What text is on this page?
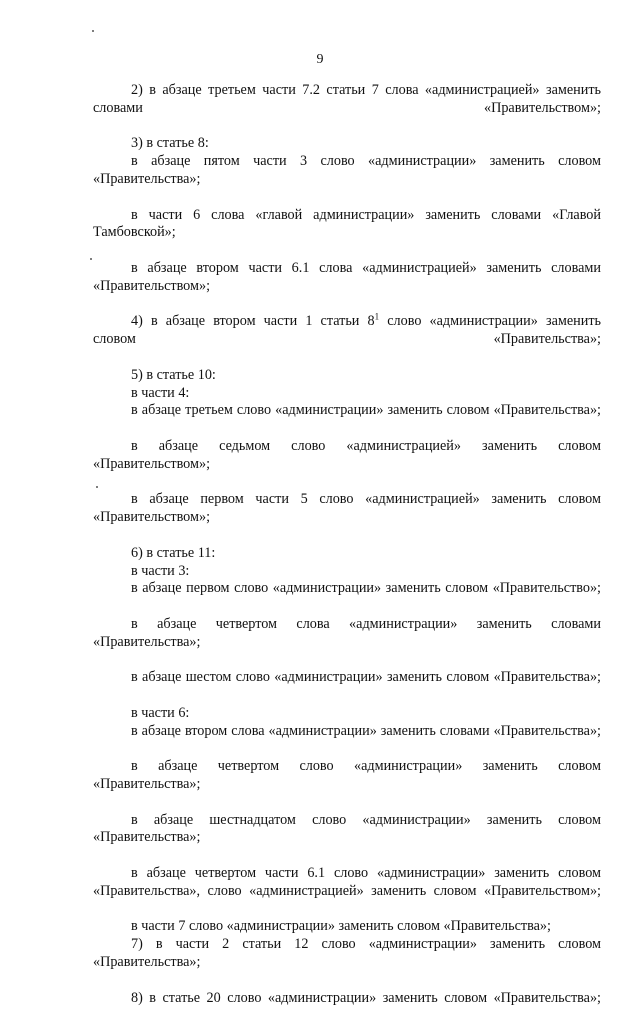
9

2) в абзаце третьем части 7.2 статьи 7 слова «администрацией» заменить словами «Правительством»;

3) в статье 8:

в абзаце пятом части 3 слово «администрации» заменить словом «Правительства»;

в части 6 слова «главой администрации» заменить словами «Главой Тамбовской»;

в абзаце втором части 6.1 слова «администрацией» заменить словами «Правительством»;

4) в абзаце втором части 1 статьи $8^1$ слово «администрации» заменить словом «Правительства»;

5) в статье 10:

в части 4:

в абзаце третьем слово «администрации» заменить словом «Правительства»;

в абзаце седьмом слово «администрацией» заменить словом «Правительством»;

в абзаце первом части 5 слово «администрацией» заменить словом «Правительством»;

6) в статье 11:

в части 3:

в абзаце первом слово «администрации» заменить словом «Правительство»;

в абзаце четвертом слова «администрации» заменить словами «Правительства»;

в абзаце шестом слово «администрации» заменить словом «Правительства»;

в части 6:

в абзаце втором слова «администрации» заменить словами «Правительства»;

в абзаце четвертом слово «администрации» заменить словом «Правительства»;

в абзаце шестнадцатом слово «администрации» заменить словом «Правительства»;

в абзаце четвертом части 6.1 слово «администрации» заменить словом «Правительства», слово «администрацией» заменить словом «Правительством»;

в части 7 слово «администрации» заменить словом «Правительства»;

7) в части 2 статьи 12 слово «администрации» заменить словом «Правительства»;

8) в статье 20 слово «администрации» заменить словом «Правительства»;
